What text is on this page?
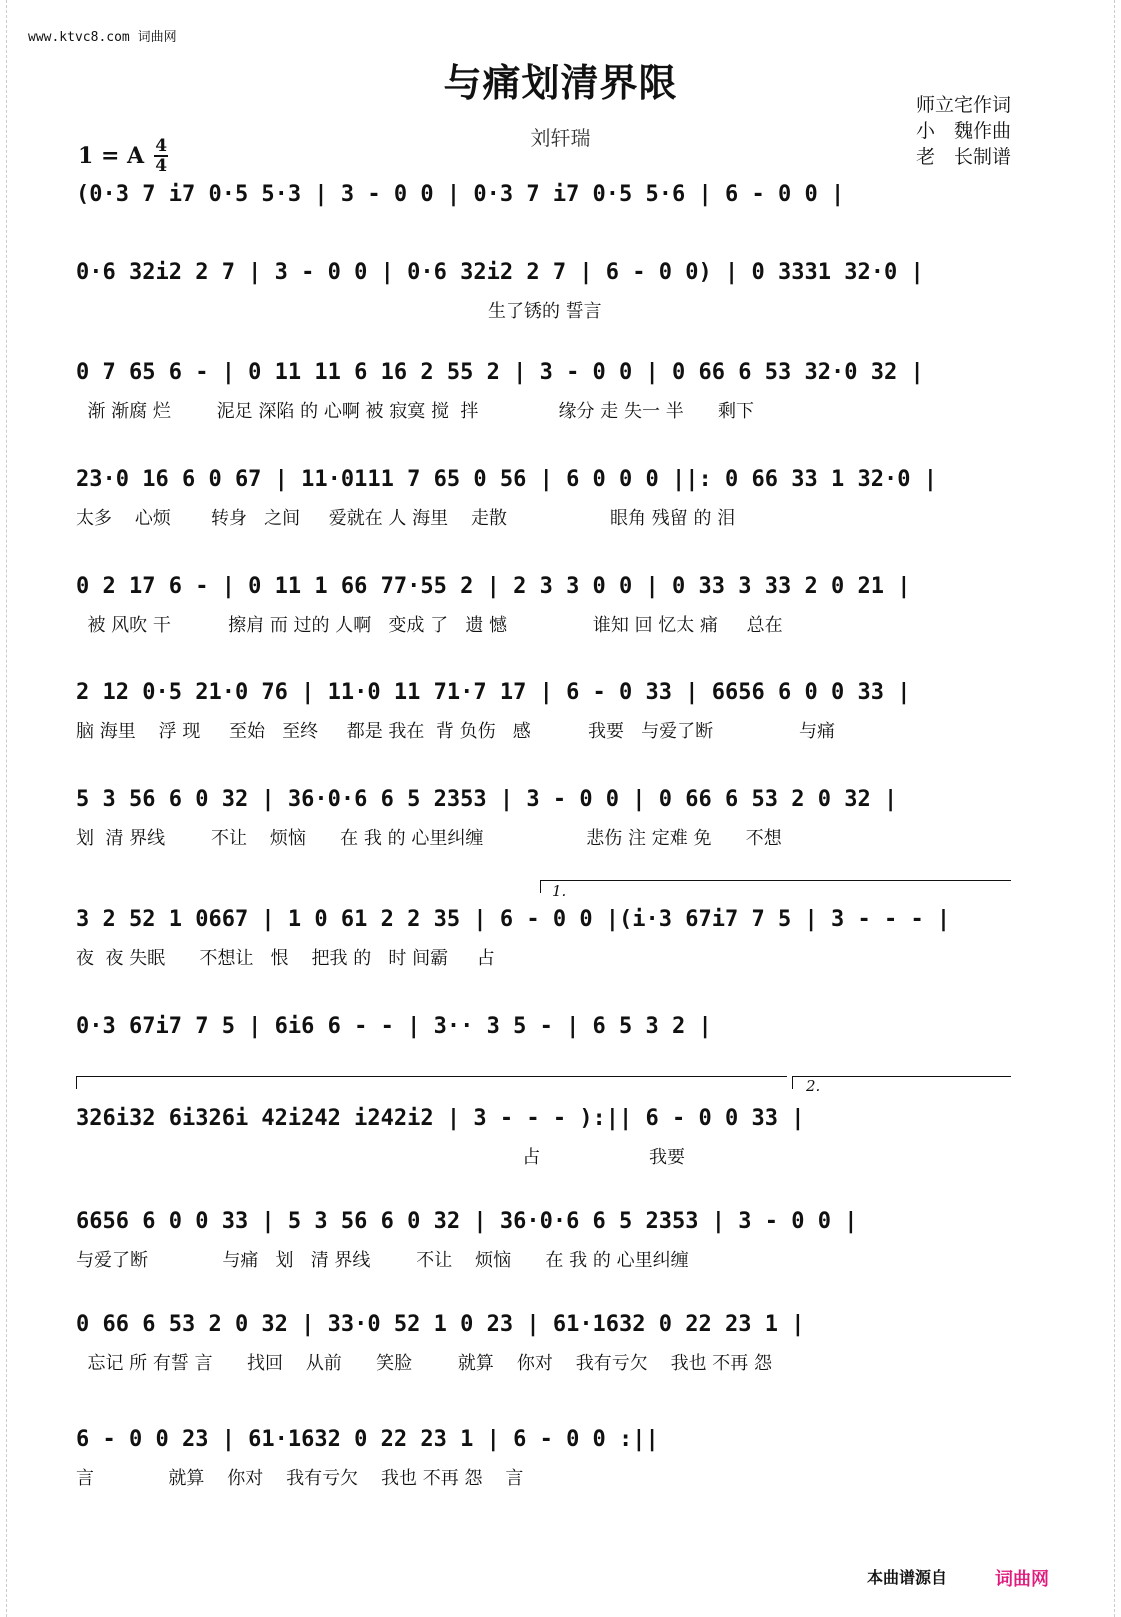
www.ktvc8.com 词曲网
与痛划清界限
刘轩瑞
师立宅作词
小　魏作曲
老　长制谱
1 = A $\frac{4}{4}$
(0·3 7 i7 0·5 5·3 | 3 - 0 0 | 0·3 7 i7 0·5 5·6 | 6 - 0 0 |
0·6 32i2 2 7 | 3 - 0 0 | 0·6 32i2 2 7 | 6 - 0 0) | 0 3331 32·0 |
生了锈的 誓言
0 7 65 6 - | 0 11 11 6 16 2 55 2 | 3 - 0 0 | 0 66 6 53 32·0 32 |
渐 渐腐 烂        泥足 深陷 的 心啊 被 寂寞 搅  拌              缘分 走 失一 半      剩下
23·0 16 6 0 67 | 11·0111 7 65 0 56 | 6 0 0 0 ||: 0 66 33 1 32·0 |
太多    心烦       转身   之间     爱就在 人 海里    走散                  眼角 残留 的 泪
0 2 17 6 - | 0 11 1 66 77·55 2 | 2 3 3 0 0 | 0 33 3 33 2 0 21 |
被 风吹 干          擦肩 而 过的 人啊   变成 了   遗 憾               谁知 回 忆太 痛     总在
2 12 0·5 21·0 76 | 11·0 11 71·7 17 | 6 - 0 33 | 6656 6 0 0 33 |
脑 海里    浮 现     至始   至终     都是 我在  背 负伤   感          我要   与爱了断               与痛
5 3 56 6 0 32 | 36·0·6 6 5 2353 | 3 - 0 0 | 0 66 6 53 2 0 32 |
划  清 界线        不让    烦恼      在 我 的 心里纠缠                  悲伤 注 定难 免      不想
1.
3 2 52 1 0667 | 1 0 61 2 2 35 | 6 - 0 0 |(i·3 67i7 7 5 | 3 - - - |
夜  夜 失眠      不想让   恨    把我 的   时 间霸     占
0·3 67i7 7 5 | 6i6 6 - - | 3·· 3 5 - | 6 5 3 2 |
2.
326i32 6i326i 42i242 i242i2 | 3 - - - ):|| 6 - 0 0 33 |
占                   我要
6656 6 0 0 33 | 5 3 56 6 0 32 | 36·0·6 6 5 2353 | 3 - 0 0 |
与爱了断             与痛   划   清 界线        不让    烦恼      在 我 的 心里纠缠
0 66 6 53 2 0 32 | 33·0 52 1 0 23 | 61·1632 0 22 23 1 |
忘记 所 有誓 言      找回    从前      笑脸        就算    你对    我有亏欠    我也 不再 怨
6 - 0 0 23 | 61·1632 0 22 23 1 | 6 - 0 0 :||
言             就算    你对    我有亏欠    我也 不再 怨    言
本曲谱源自	词曲网
